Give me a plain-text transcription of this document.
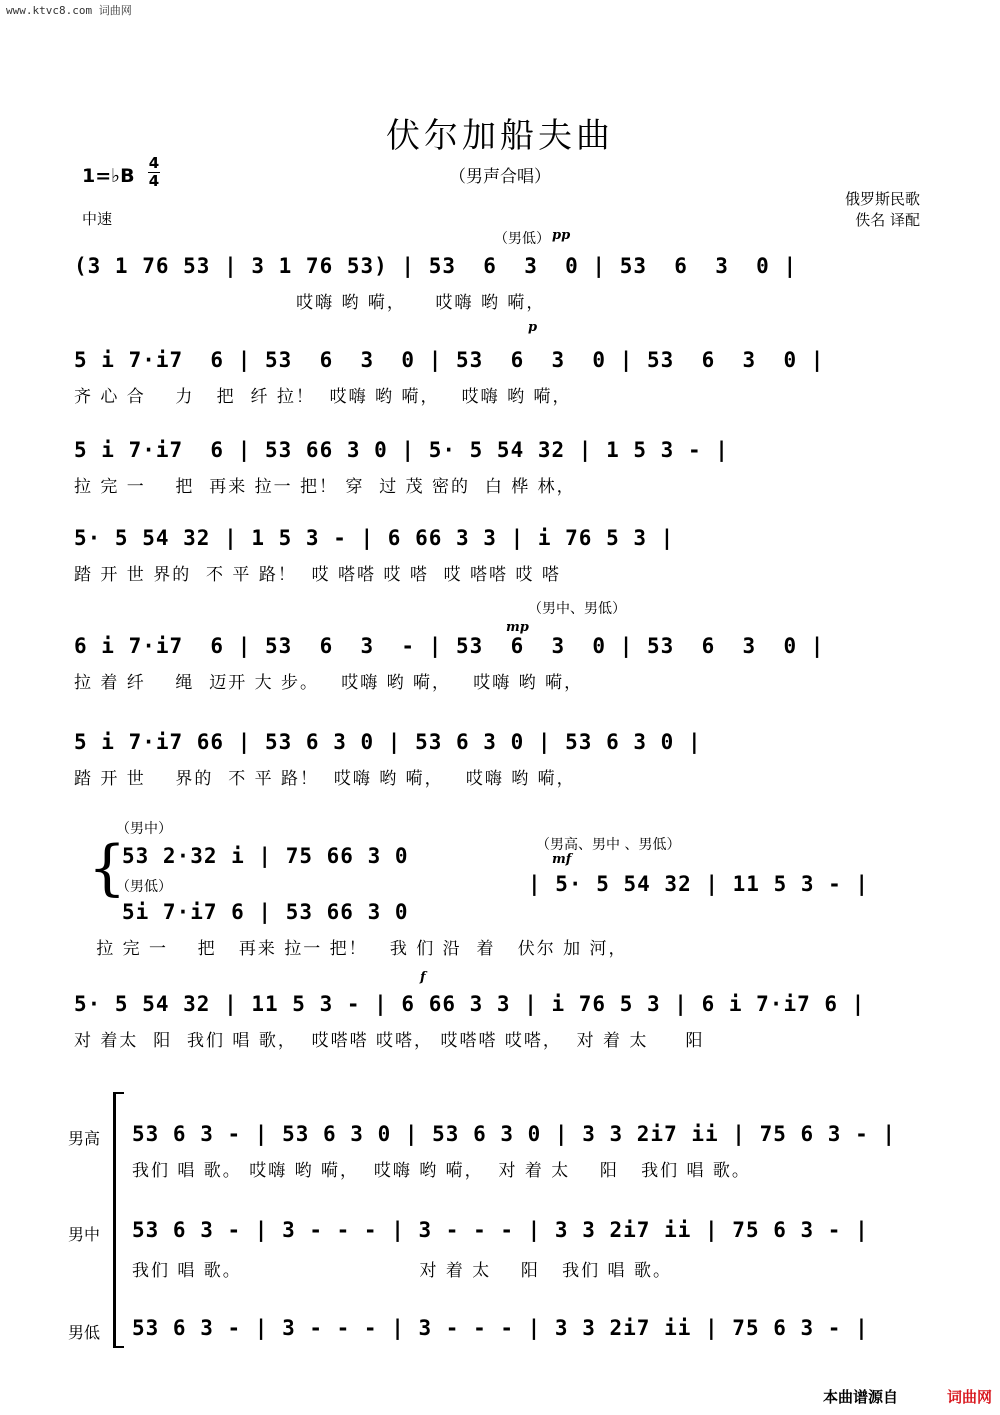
www.ktvc8.com 词曲网
伏尔加船夫曲
（男声合唱）
1=♭B
4
4
中速
俄罗斯民歌
佚名 译配
（男低） pp
(3 1 76 53 | 3 1 76 53) | 53  6  3  0 | 53  6  3  0 |
哎嗨 哟 嗬，    哎嗨 哟 嗬，
p
5 i 7·i7  6 | 53  6  3  0 | 53  6  3  0 | 53  6  3  0 |
齐 心 合    力   把  纤 拉！  哎嗨 哟 嗬，   哎嗨 哟 嗬，
5 i 7·i7  6 | 53 66 3 0 | 5· 5 54 32 | 1 5 3 - |
拉 完 一    把  再来 拉一 把！ 穿  过 茂 密的  白 桦 林，
5· 5 54 32 | 1 5 3 - | 6 66 3 3 | i 76 5 3 |
踏 开 世 界的  不 平 路！  哎 嗒嗒 哎 嗒  哎 嗒嗒 哎 嗒
（男中、男低）
mp
6 i 7·i7  6 | 53  6  3  - | 53  6  3  0 | 53  6  3  0 |
拉 着 纤    绳  迈开 大 步。   哎嗨 哟 嗬，   哎嗨 哟 嗬，
5 i 7·i7 66 | 53 6 3 0 | 53 6 3 0 | 53 6 3 0 |
踏 开 世    界的  不 平 路！  哎嗨 哟 嗬，   哎嗨 哟 嗬，
{
（男中）
（男低）
（男高、男中 、男低）
mf
53 2·32 i | 75 66 3 0
5i 7·i7 6 | 53 66 3 0
| 5· 5 54 32 | 11 5 3 - |
拉 完 一    把   再来 拉一 把！   我 们 沿  着   伏尔 加 河，
f
5· 5 54 32 | 11 5 3 - | 6 66 3 3 | i 76 5 3 | 6 i 7·i7 6 |
对 着太  阳  我们 唱 歌，  哎嗒嗒 哎嗒， 哎嗒嗒 哎嗒，  对 着 太     阳
男高 53 6 3 - | 53 6 3 0 | 53 6 3 0 | 3 3 2i7 ii | 75 6 3 - |
我们 唱 歌。 哎嗨 哟 嗬，  哎嗨 哟 嗬，  对 着 太    阳   我们 唱 歌。
男中 53 6 3 - | 3 - - - | 3 - - - | 3 3 2i7 ii | 75 6 3 - |
我们 唱 歌。                        对 着 太    阳   我们 唱 歌。
男低 53 6 3 - | 3 - - - | 3 - - - | 3 3 2i7 ii | 75 6 3 - |
本曲谱源自	词曲网
